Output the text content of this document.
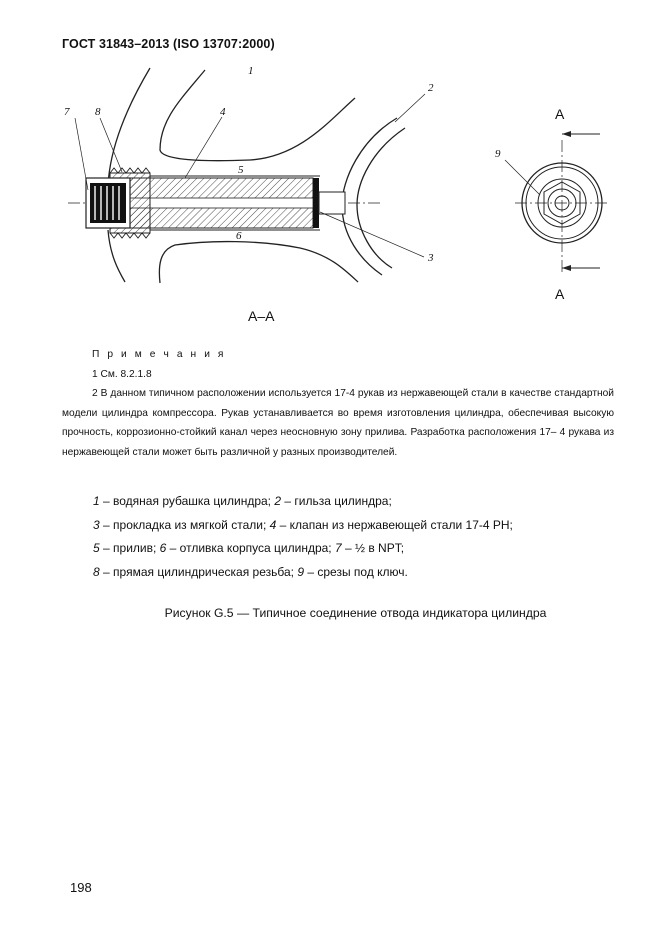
ГОСТ 31843–2013 (ISO 13707:2000)
1
2
3
4
5
6
7 8
9
A–A
A
A
П р и м е ч а н и я
1 См. 8.2.1.8
2 В данном типичном расположении используется 17-4 рукав из нержавеющей стали в качестве стандартной модели цилиндра компрессора. Рукав устанавливается во время изготовления цилиндра, обеспечивая высокую прочность, коррозионно-стойкий канал через неосновную зону прилива. Разработка расположения 17– 4 рукава из нержавеющей стали может быть различной у разных производителей.
1 – водяная рубашка цилиндра; 2 – гильза цилиндра;
3 – прокладка из мягкой стали; 4 – клапан из нержавеющей стали 17-4 PH;
5 – прилив; 6 – отливка корпуса цилиндра; 7 – ½ в NPT;
8 – прямая цилиндрическая резьба; 9 – срезы под ключ.
Рисунок G.5 — Типичное соединение отвода индикатора цилиндра
198
